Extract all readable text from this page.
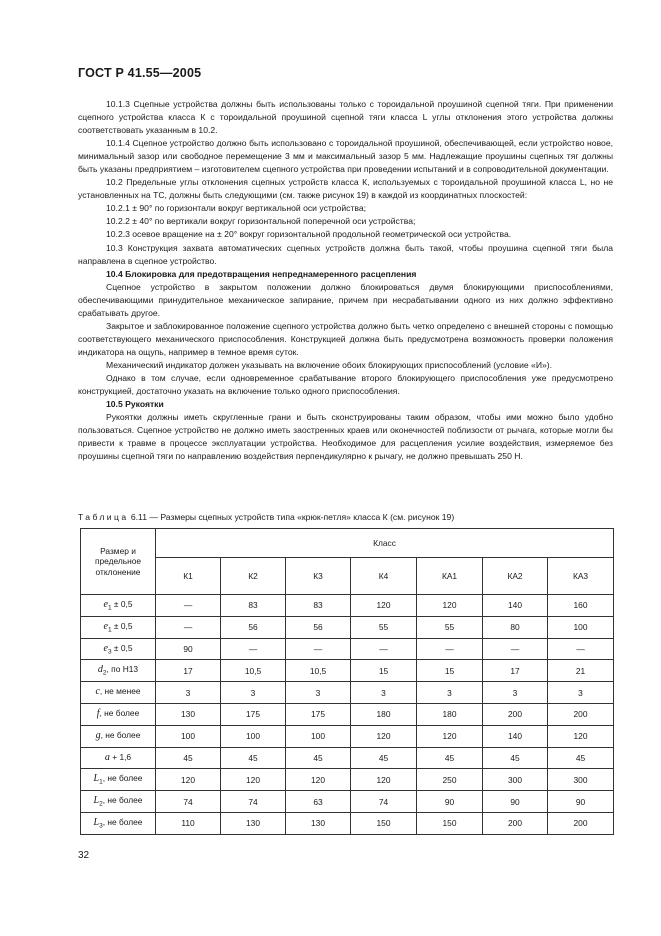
ГОСТ Р 41.55—2005

10.1.3 Сцепные устройства должны быть использованы только с тороидальной проушиной сцепной тяги. При применении сцепного устройства класса К с тороидальной проушиной сцепной тяги класса L углы отклонения этого устройства должны соответствовать указанным в 10.2.

10.1.4 Сцепное устройство должно быть использовано с тороидальной проушиной, обеспечивающей, если устройство новое, минимальный зазор или свободное перемещение 3 мм и максимальный зазор 5 мм. Надлежащие проушины сцепных тяг должны быть указаны предприятием – изготовителем сцепного устройства при проведении испытаний и в сопроводительной документации.

10.2 Предельные углы отклонения сцепных устройств класса К, используемых с тороидальной проушиной класса L, но не установленных на ТС, должны быть следующими (см. также рисунок 19) в каждой из координатных плоскостей:

10.2.1 ± 90° по горизонтали вокруг вертикальной оси устройства;

10.2.2 ± 40° по вертикали вокруг горизонтальной поперечной оси устройства;

10.2.3 осевое вращение на ± 20° вокруг горизонтальной продольной геометрической оси устройства.

10.3 Конструкция захвата автоматических сцепных устройств должна быть такой, чтобы проушина сцепной тяги была направлена в сцепное устройство.

10.4 Блокировка для предотвращения непреднамеренного расцепления

Сцепное устройство в закрытом положении должно блокироваться двумя блокирующими приспособлениями, обеспечивающими принудительное механическое запирание, причем при несрабатывании одного из них должно эффективно срабатывать другое.

Закрытое и заблокированное положение сцепного устройства должно быть четко определено с внешней стороны с помощью соответствующего механического приспособления. Конструкцией должна быть предусмотрена возможность проверки положения индикатора на ощупь, например в темное время суток.

Механический индикатор должен указывать на включение обоих блокирующих приспособлений (условие «И»).

Однако в том случае, если одновременное срабатывание второго блокирующего приспособления уже предусмотрено конструкцией, достаточно указать на включение только одного приспособления.

10.5 Рукоятки

Рукоятки должны иметь скругленные грани и быть сконструированы таким образом, чтобы ими можно было удобно пользоваться. Сцепное устройство не должно иметь заостренных краев или оконечностей поблизости от рычага, которые могли бы привести к травме в процессе эксплуатации устройства. Необходимое для расцепления усилие воздействия, измеряемое без проушины сцепной тяги по направлению воздействия перпендикулярно к рычагу, не должно превышать 250 Н.

Таблица 6.11 — Размеры сцепных устройств типа «крюк-петля» класса К (см. рисунок 19)
Размер и предельное отклонение	Класс						
	К1	К2	К3	К4	КА1	КА2	КА3
$e_1 \pm 0,5$	—	83	83	120	120	140	160
$e_1 \pm 0,5$	—	56	56	55	55	80	100
$e_3 \pm 0,5$	90	—	—	—	—	—	—
$d_2$, по Н13	17	10,5	10,5	15	15	17	21
c, не менее	3	3	3	3	3	3	3
f, не более	130	175	175	180	180	200	200
g, не более	100	100	100	120	120	140	120
a + 1,6	45	45	45	45	45	45	45
$L_1$, не более	120	120	120	120	250	300	300
$L_2$, не более	74	74	63	74	90	90	90
$L_3$, не более	110	130	130	150	150	200	200
32
